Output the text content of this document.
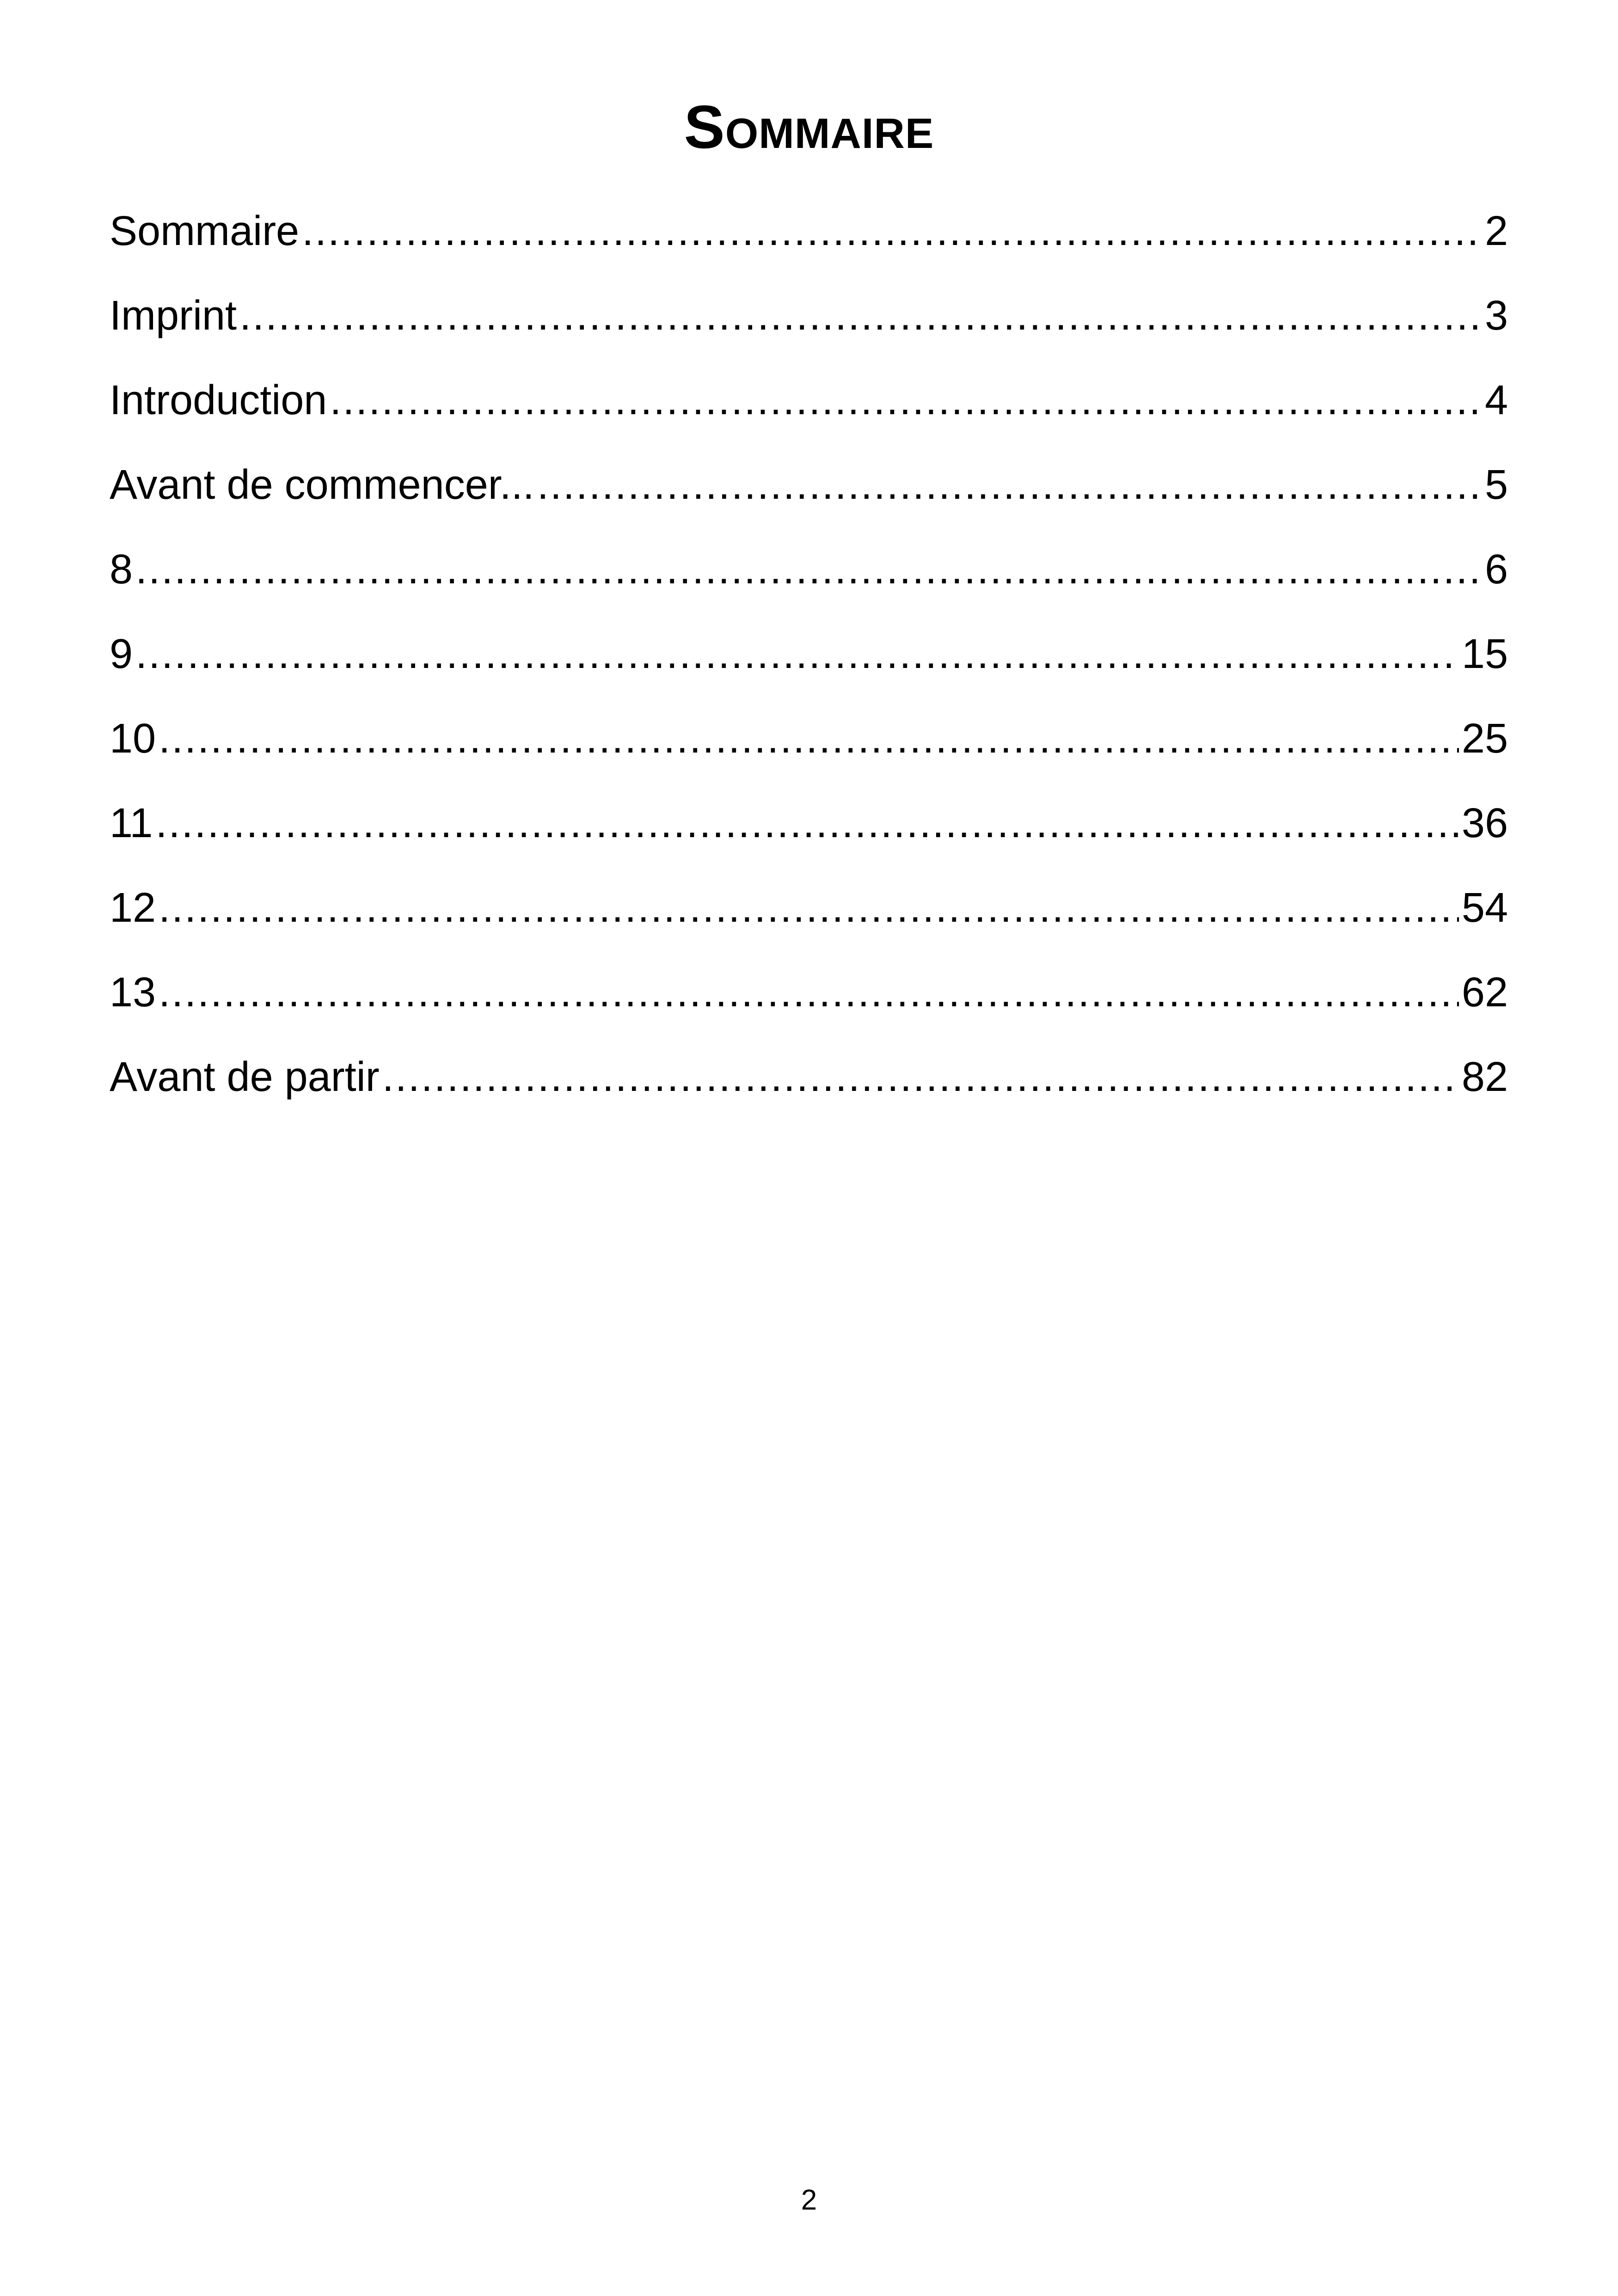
Sommaire
Sommaire .....	2
Imprint .....	3
Introduction .....	4
Avant de commencer... .....	5
8 .....	6
9 .....	15
10 .....	25
11 .....	36
12 .....	54
13 .....	62
Avant de partir .....	82
2
